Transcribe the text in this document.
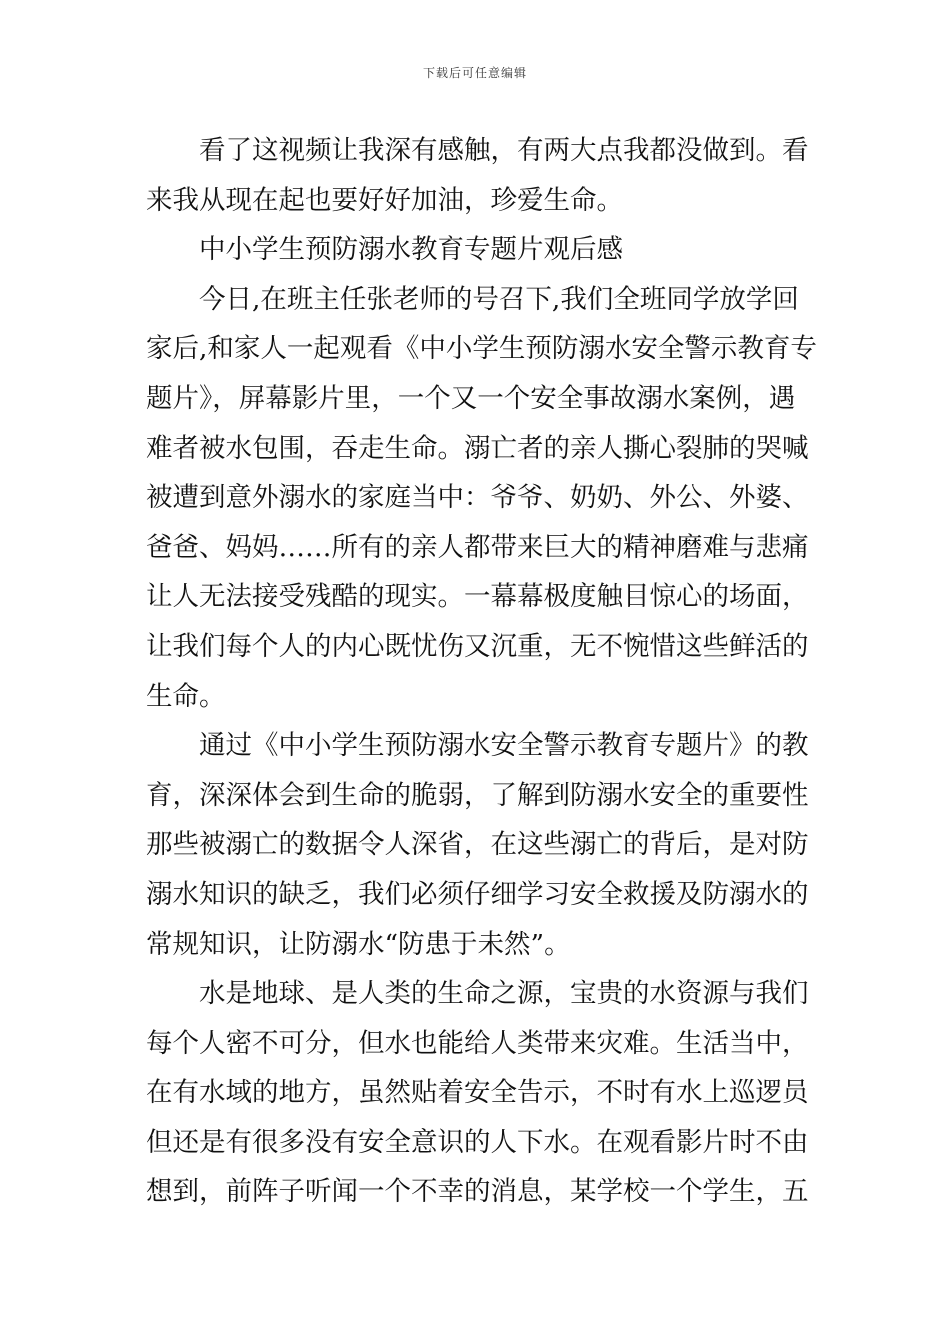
下载后可任意编辑
看了这视频让我深有感触，有两大点我都没做到。看
来我从现在起也要好好加油，珍爱生命。
中小学生预防溺水教育专题片观后感
今日,在班主任张老师的号召下,我们全班同学放学回
家后,和家人一起观看《中小学生预防溺水安全警示教育专
题片》，屏幕影片里，一个又一个安全事故溺水案例，遇
难者被水包围，吞走生命。溺亡者的亲人撕心裂肺的哭喊
被遭到意外溺水的家庭当中：爷爷、奶奶、外公、外婆、
爸爸、妈妈……所有的亲人都带来巨大的精神磨难与悲痛
让人无法接受残酷的现实。一幕幕极度触目惊心的场面，
让我们每个人的内心既忧伤又沉重，无不惋惜这些鲜活的
生命。
通过《中小学生预防溺水安全警示教育专题片》的教
育，深深体会到生命的脆弱，了解到防溺水安全的重要性
那些被溺亡的数据令人深省，在这些溺亡的背后，是对防
溺水知识的缺乏，我们必须仔细学习安全救援及防溺水的
常规知识，让防溺水“防患于未然”。
水是地球、是人类的生命之源，宝贵的水资源与我们
每个人密不可分，但水也能给人类带来灾难。生活当中，
在有水域的地方，虽然贴着安全告示，不时有水上巡逻员
但还是有很多没有安全意识的人下水。在观看影片时不由
想到，前阵子听闻一个不幸的消息，某学校一个学生，五
